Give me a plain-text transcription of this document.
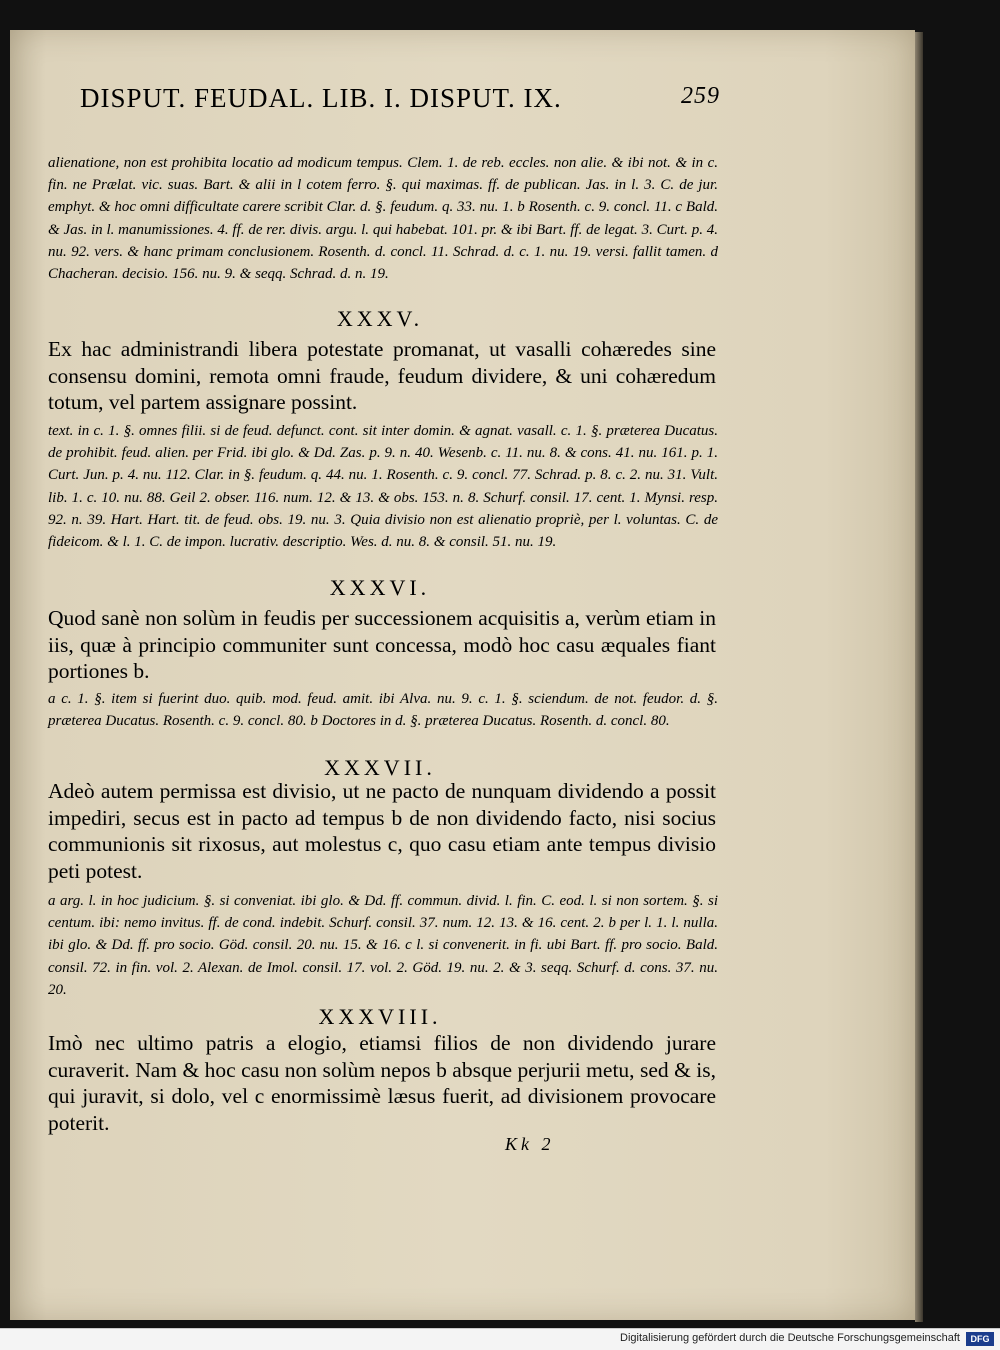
DISPUT. FEUDAL. LIB. I. DISPUT. IX.	259

alienatione, non est prohibita locatio ad modicum tempus. Clem. 1. de reb. eccles. non alie. & ibi not. & in c. fin. ne Prælat. vic. suas. Bart. & alii in l cotem ferro. §. qui maximas. ff. de publican. Jas. in l. 3. C. de jur. emphyt. & hoc omni difficultate carere scribit Clar. d. §. feudum. q. 33. nu. 1. b Rosenth. c. 9. concl. 11. c Bald. & Jas. in l. manumissiones. 4. ff. de rer. divis. argu. l. qui habebat. 101. pr. & ibi Bart. ff. de legat. 3. Curt. p. 4. nu. 92. vers. & hanc primam conclusionem. Rosenth. d. concl. 11. Schrad. d. c. 1. nu. 19. versi. fallit tamen. d Chacheran. decisio. 156. nu. 9. & seqq. Schrad. d. n. 19.

XXXV.

Ex hac administrandi libera potestate promanat, ut vasalli cohæredes sine consensu domini, remota omni fraude, feudum dividere, & uni cohæredum totum, vel partem assignare possint.

text. in c. 1. §. omnes filii. si de feud. defunct. cont. sit inter domin. & agnat. vasall. c. 1. §. præterea Ducatus. de prohibit. feud. alien. per Frid. ibi glo. & Dd. Zas. p. 9. n. 40. Wesenb. c. 11. nu. 8. & cons. 41. nu. 161. p. 1. Curt. Jun. p. 4. nu. 112. Clar. in §. feudum. q. 44. nu. 1. Rosenth. c. 9. concl. 77. Schrad. p. 8. c. 2. nu. 31. Vult. lib. 1. c. 10. nu. 88. Geil 2. obser. 116. num. 12. & 13. & obs. 153. n. 8. Schurf. consil. 17. cent. 1. Mynsi. resp. 92. n. 39. Hart. Hart. tit. de feud. obs. 19. nu. 3. Quia divisio non est alienatio propriè, per l. voluntas. C. de fideicom. & l. 1. C. de impon. lucrativ. descriptio. Wes. d. nu. 8. & consil. 51. nu. 19.

XXXVI.

Quod sanè non solùm in feudis per successionem acquisitis a, verùm etiam in iis, quæ à principio communiter sunt concessa, modò hoc casu æquales fiant portiones b.

a c. 1. §. item si fuerint duo. quib. mod. feud. amit. ibi Alva. nu. 9. c. 1. §. sciendum. de not. feudor. d. §. præterea Ducatus. Rosenth. c. 9. concl. 80. b Doctores in d. §. præterea Ducatus. Rosenth. d. concl. 80.

XXXVII.

Adeò autem permissa est divisio, ut ne pacto de nunquam dividendo a possit impediri, secus est in pacto ad tempus b de non dividendo facto, nisi socius communionis sit rixosus, aut molestus c, quo casu etiam ante tempus divisio peti potest.

a arg. l. in hoc judicium. §. si conveniat. ibi glo. & Dd. ff. commun. divid. l. fin. C. eod. l. si non sortem. §. si centum. ibi: nemo invitus. ff. de cond. indebit. Schurf. consil. 37. num. 12. 13. & 16. cent. 2. b per l. 1. l. nulla. ibi glo. & Dd. ff. pro socio. Göd. consil. 20. nu. 15. & 16. c l. si convenerit. in fi. ubi Bart. ff. pro socio. Bald. consil. 72. in fin. vol. 2. Alexan. de Imol. consil. 17. vol. 2. Göd. 19. nu. 2. & 3. seqq. Schurf. d. cons. 37. nu. 20.

XXXVIII.

Imò nec ultimo patris a elogio, etiamsi filios de non dividendo jurare curaverit. Nam & hoc casu non solùm nepos b absque perjurii metu, sed & is, qui juravit, si dolo, vel c enormissimè læsus fuerit, ad divisionem provocare poterit.

Kk 2
Digitalisierung gefördert durch die Deutsche Forschungsgemeinschaft	DFG
